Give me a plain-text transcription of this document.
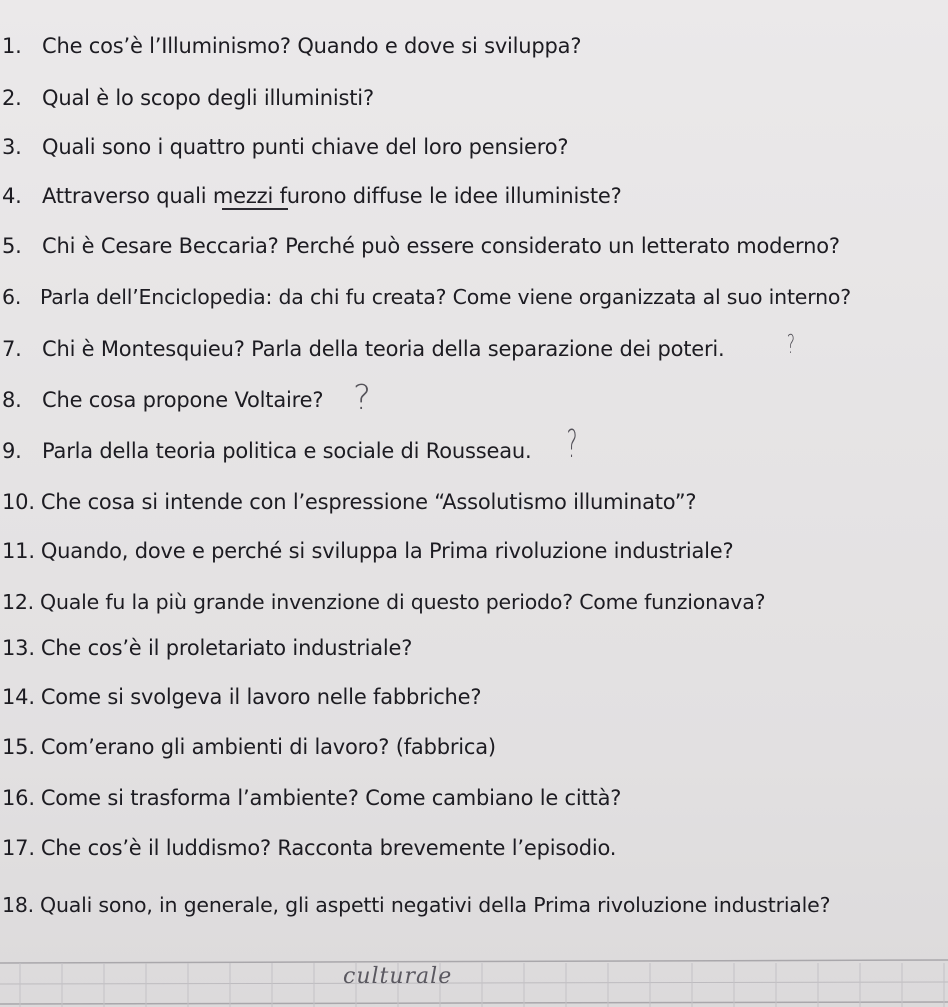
1. Che cos’è l’Illuminismo? Quando e dove si sviluppa?
2. Qual è lo scopo degli illuministi?
3. Quali sono i quattro punti chiave del loro pensiero?
4. Attraverso quali mezzi furono diffuse le idee illuministe?
5. Chi è Cesare Beccaria? Perché può essere considerato un letterato moderno?
6. Parla dell’Enciclopedia: da chi fu creata? Come viene organizzata al suo interno?
7. Chi è Montesquieu? Parla della teoria della separazione dei poteri. ?
8. Che cosa propone Voltaire? ?
9. Parla della teoria politica e sociale di Rousseau. ?
10. Che cosa si intende con l’espressione “Assolutismo illuminato”?
11. Quando, dove e perché si sviluppa la Prima rivoluzione industriale?
12. Quale fu la più grande invenzione di questo periodo? Come funzionava?
13. Che cos’è il proletariato industriale?
14. Come si svolgeva il lavoro nelle fabbriche?
15. Com’erano gli ambienti di lavoro? (fabbrica)
16. Come si trasforma l’ambiente? Come cambiano le città?
17. Che cos’è il luddismo? Racconta brevemente l’episodio.
18. Quali sono, in generale, gli aspetti negativi della Prima rivoluzione industriale?
culturale
